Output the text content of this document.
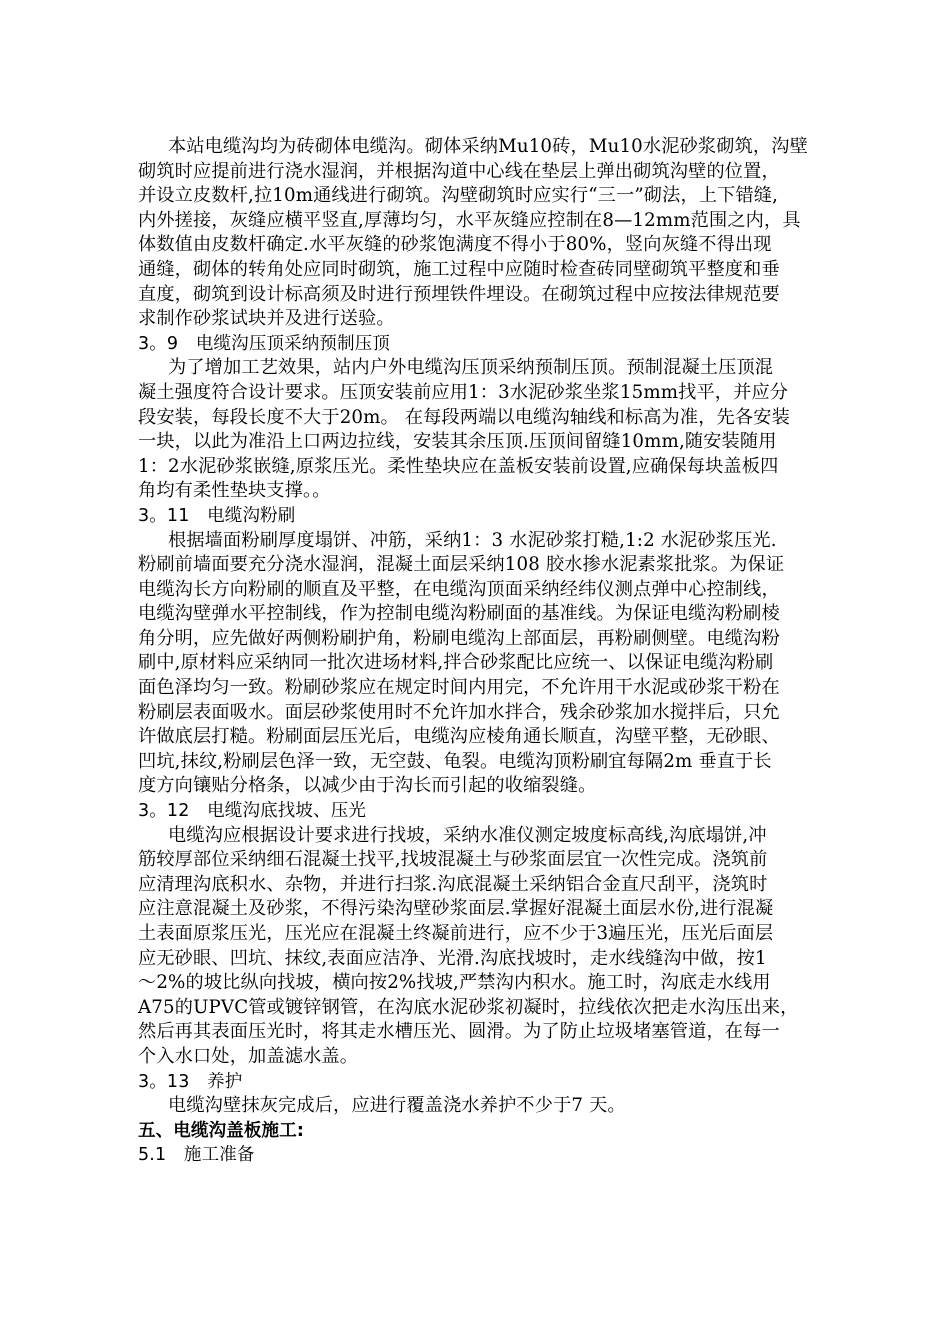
本站电缆沟均为砖砌体电缆沟。砌体采纳Mu10砖，Mu10水泥砂浆砌筑，沟壁
砌筑时应提前进行浇水湿润，并根据沟道中心线在垫层上弹出砌筑沟壁的位置，
并设立皮数杆,拉10m通线进行砌筑。沟壁砌筑时应实行“三一”砌法，上下错缝,
内外搓接，灰缝应横平竖直,厚薄均匀，水平灰缝应控制在8—12mm范围之内，具
体数值由皮数杆确定.水平灰缝的砂浆饱满度不得小于80%，竖向灰缝不得出现
通缝，砌体的转角处应同时砌筑，施工过程中应随时检查砖同壁砌筑平整度和垂
直度，砌筑到设计标高须及时进行预埋铁件埋设。在砌筑过程中应按法律规范要
求制作砂浆试块并及进行送验。
3。9　电缆沟压顶采纳预制压顶
为了增加工艺效果，站内户外电缆沟压顶采纳预制压顶。预制混凝土压顶混
凝土强度符合设计要求。压顶安装前应用1：3水泥砂浆坐浆15mm找平，并应分
段安装，每段长度不大于20m。 在每段两端以电缆沟轴线和标高为准，先各安装
一块，以此为准沿上口两边拉线，安装其余压顶.压顶间留缝10mm,随安装随用
1：2水泥砂浆嵌缝,原浆压光。柔性垫块应在盖板安装前设置,应确保每块盖板四
角均有柔性垫块支撑。。
3。11　电缆沟粉刷
根据墙面粉刷厚度塌饼、冲筋，采纳1：3 水泥砂浆打糙,1:2 水泥砂浆压光.
粉刷前墙面要充分浇水湿润，混凝土面层采纳108 胶水掺水泥素浆批浆。为保证
电缆沟长方向粉刷的顺直及平整，在电缆沟顶面采纳经纬仪测点弹中心控制线，
电缆沟壁弹水平控制线，作为控制电缆沟粉刷面的基准线。为保证电缆沟粉刷棱
角分明，应先做好两侧粉刷护角，粉刷电缆沟上部面层，再粉刷侧壁。电缆沟粉
刷中,原材料应采纳同一批次进场材料,拌合砂浆配比应统一、以保证电缆沟粉刷
面色泽均匀一致。粉刷砂浆应在规定时间内用完，不允许用干水泥或砂浆干粉在
粉刷层表面吸水。面层砂浆使用时不允许加水拌合，残余砂浆加水搅拌后，只允
许做底层打糙。粉刷面层压光后，电缆沟应棱角通长顺直，沟壁平整，无砂眼、
凹坑,抹纹,粉刷层色泽一致，无空鼓、龟裂。电缆沟顶粉刷宜每隔2m 垂直于长
度方向镶贴分格条，以减少由于沟长而引起的收缩裂缝。
3。12　电缆沟底找坡、压光
电缆沟应根据设计要求进行找坡，采纳水准仪测定坡度标高线,沟底塌饼,冲
筋较厚部位采纳细石混凝土找平,找坡混凝土与砂浆面层宜一次性完成。浇筑前
应清理沟底积水、杂物，并进行扫浆.沟底混凝土采纳铝合金直尺刮平，浇筑时
应注意混凝土及砂浆，不得污染沟壁砂浆面层.掌握好混凝土面层水份,进行混凝
土表面原浆压光，压光应在混凝土终凝前进行，应不少于3遍压光，压光后面层
应无砂眼、凹坑、抹纹,表面应洁净、光滑.沟底找坡时，走水线缝沟中做，按1
～2%的坡比纵向找坡，横向按2%找坡,严禁沟内积水。施工时，沟底走水线用
A75的UPVC管或镀锌钢管，在沟底水泥砂浆初凝时，拉线依次把走水沟压出来，
然后再其表面压光时，将其走水槽压光、圆滑。为了防止垃圾堵塞管道，在每一
个入水口处，加盖滤水盖。
3。13　养护
电缆沟壁抹灰完成后，应进行覆盖浇水养护不少于7 天。
五、电缆沟盖板施工:
5.1　施工准备
